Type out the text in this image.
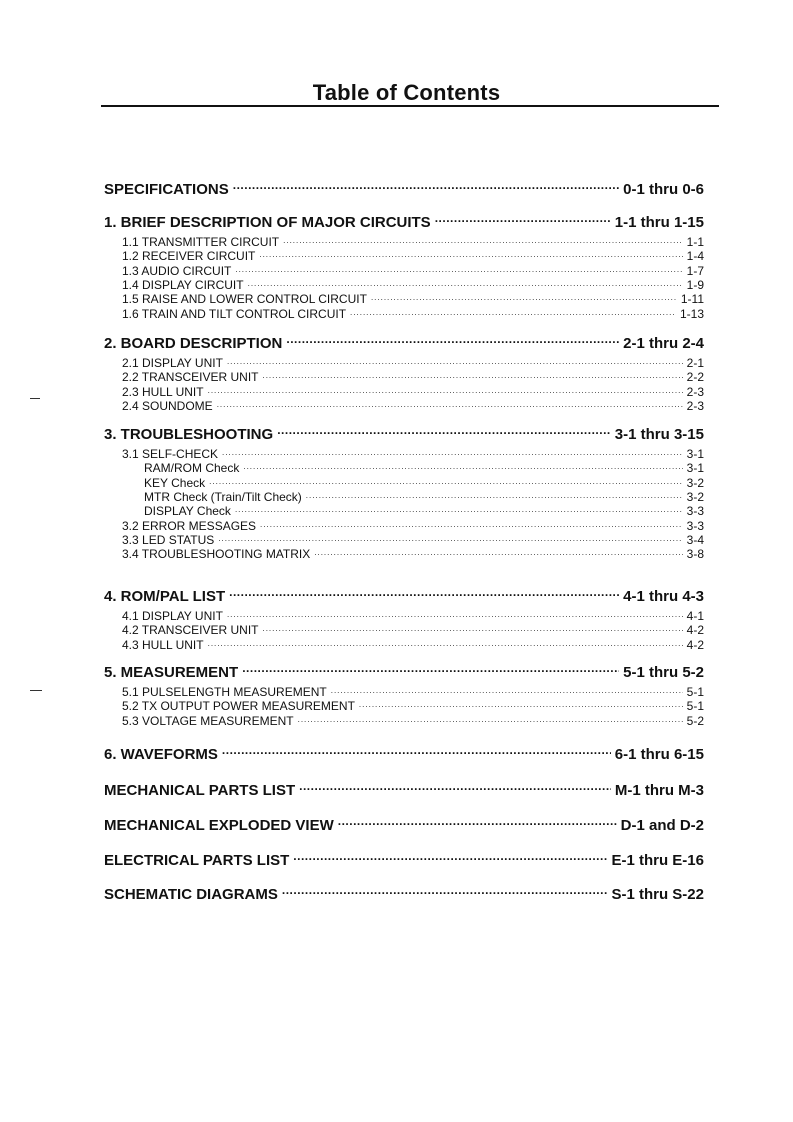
Table of Contents
SPECIFICATIONS .....	0-1 thru 0-6
1. BRIEF DESCRIPTION OF MAJOR CIRCUITS .....	1-1 thru 1-15
1.1 TRANSMITTER CIRCUIT .....	1-1
1.2 RECEIVER CIRCUIT .....	1-4
1.3 AUDIO CIRCUIT .....	1-7
1.4 DISPLAY CIRCUIT .....	1-9
1.5 RAISE AND LOWER CONTROL CIRCUIT .....	1-11
1.6 TRAIN AND TILT CONTROL CIRCUIT .....	1-13
2. BOARD DESCRIPTION .....	2-1 thru 2-4
2.1 DISPLAY UNIT .....	2-1
2.2 TRANSCEIVER UNIT .....	2-2
2.3 HULL UNIT .....	2-3
2.4 SOUNDOME .....	2-3
3. TROUBLESHOOTING .....	3-1 thru 3-15
3.1 SELF-CHECK .....	3-1
RAM/ROM Check .....	3-1
KEY Check .....	3-2
MTR Check (Train/Tilt Check) .....	3-2
DISPLAY Check .....	3-3
3.2 ERROR MESSAGES .....	3-3
3.3 LED STATUS .....	3-4
3.4 TROUBLESHOOTING MATRIX .....	3-8
4. ROM/PAL LIST .....	4-1 thru 4-3
4.1 DISPLAY UNIT .....	4-1
4.2 TRANSCEIVER UNIT .....	4-2
4.3 HULL UNIT .....	4-2
5. MEASUREMENT .....	5-1 thru 5-2
5.1 PULSELENGTH MEASUREMENT .....	5-1
5.2 TX OUTPUT POWER MEASUREMENT .....	5-1
5.3 VOLTAGE MEASUREMENT .....	5-2
6. WAVEFORMS .....	6-1 thru 6-15
MECHANICAL PARTS LIST .....	M-1 thru M-3
MECHANICAL EXPLODED VIEW .....	D-1 and D-2
ELECTRICAL PARTS LIST .....	E-1 thru E-16
SCHEMATIC DIAGRAMS .....	S-1 thru S-22
